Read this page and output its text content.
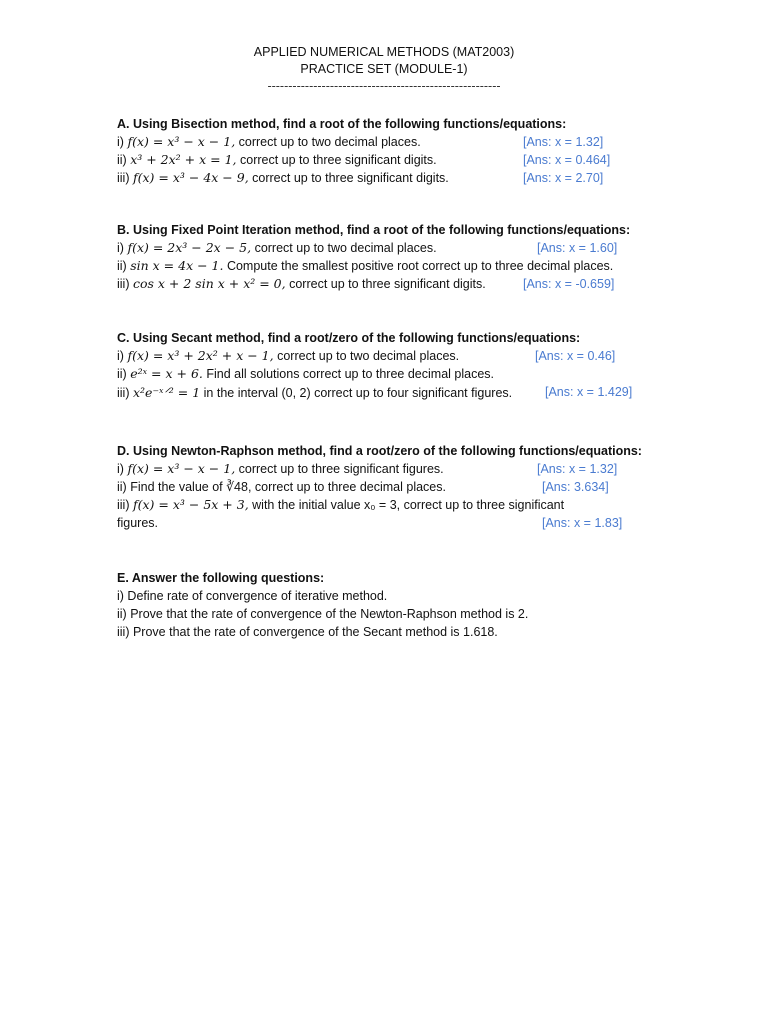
APPLIED NUMERICAL METHODS (MAT2003)
PRACTICE SET (MODULE-1)
--------------------------------------------------------
A. Using Bisection method, find a root of the following functions/equations:
i) f(x) = x³ − x − 1, correct up to two decimal places.	[Ans: x = 1.32]
ii) x³ + 2x² + x = 1, correct up to three significant digits.	[Ans: x = 0.464]
iii) f(x) = x³ − 4x − 9, correct up to three significant digits.	[Ans: x = 2.70]
B. Using Fixed Point Iteration method, find a root of the following functions/equations:
i) f(x) = 2x³ − 2x − 5, correct up to two decimal places.	[Ans: x = 1.60]
ii) sin x = 4x − 1. Compute the smallest positive root correct up to three decimal places.
iii) cos x + 2 sin x + x² = 0, correct up to three significant digits.	[Ans: x = -0.659]
C. Using Secant method, find a root/zero of the following functions/equations:
i) f(x) = x³ + 2x² + x − 1, correct up to two decimal places.	[Ans: x = 0.46]
ii) e²ˣ = x + 6. Find all solutions correct up to three decimal places.
iii) x²e⁻ˣᐟ² = 1 in the interval (0, 2) correct up to four significant figures.	[Ans: x = 1.429]
D. Using Newton-Raphson method, find a root/zero of the following functions/equations:
i) f(x) = x³ − x − 1, correct up to three significant figures.	[Ans: x = 1.32]
ii) Find the value of ∛48, correct up to three decimal places.	[Ans: 3.634]
iii) f(x) = x³ − 5x + 3, with the initial value x₀ = 3, correct up to three significant
figures.	[Ans: x = 1.83]
E. Answer the following questions:
i) Define rate of convergence of iterative method.
ii) Prove that the rate of convergence of the Newton-Raphson method is 2.
iii) Prove that the rate of convergence of the Secant method is 1.618.
